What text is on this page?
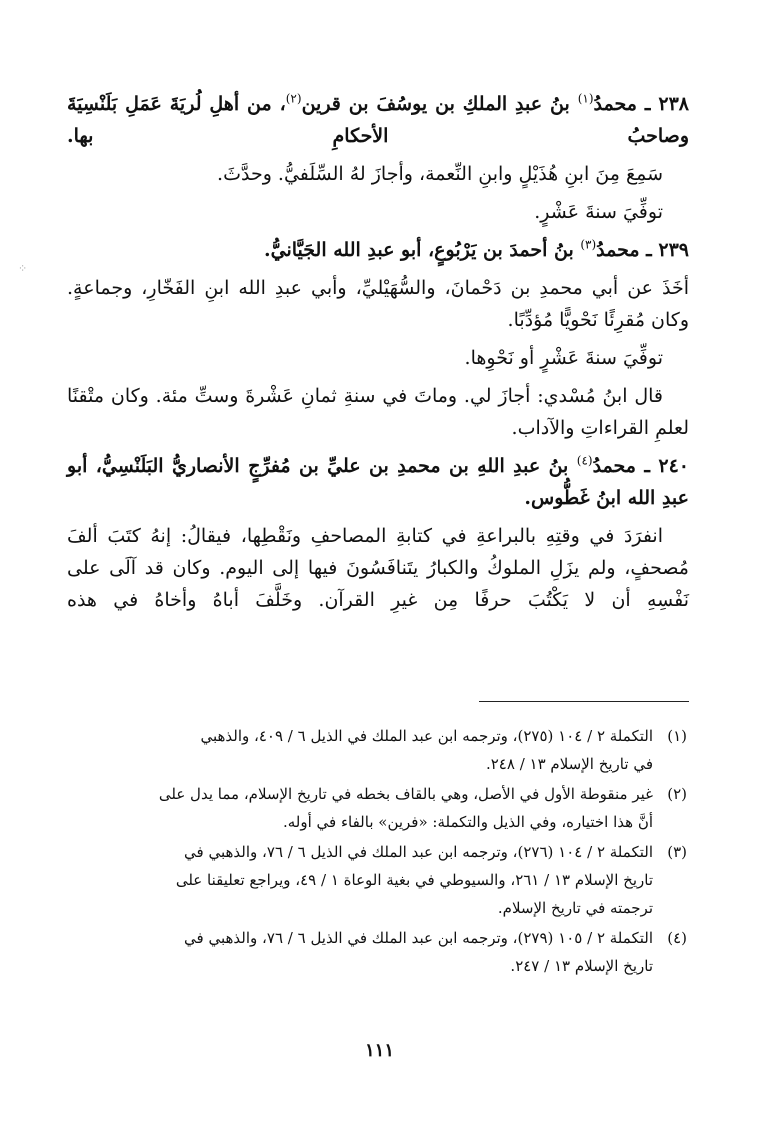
٢٣٨ ـ محمدُ$^{(١)}$ بنُ عبدِ الملكِ بن يوسُفَ بن قرين$^{(٢)}$، من أهلِ لُريَةَ عَمَلِ بَلَنْسِيَةَ وصاحبُ الأحكامِ بها.

سَمِعَ مِنَ ابنِ هُذَيْلٍ وابنِ النِّعمة، وأجازَ لهُ السِّلَفيُّ. وحدَّثَ.

توفِّيَ سنةَ عَشْرٍ.

٢٣٩ ـ محمدُ$^{(٣)}$ بنُ أحمدَ بن يَرْبُوعٍ، أبو عبدِ الله الجَيَّانيُّ.

أخَذَ عن أبي محمدِ بن دَحْمانَ، والسُّهَيْليِّ، وأبي عبدِ الله ابنِ الفَخّارِ، وجماعةٍ. وكان مُقرِئًا نَحْويًّا مُؤدِّبًا.

توفِّيَ سنةَ عَشْرٍ أو نَحْوِها.

قال ابنُ مُسْدي: أجازَ لي. وماتَ في سنةِ ثمانِ عَشْرةَ وستِّ مئة. وكان متْقنًا لعلمِ القراءاتِ والآداب.

٢٤٠ ـ محمدُ$^{(٤)}$ بنُ عبدِ اللهِ بن محمدِ بن عليِّ بن مُفرِّجٍ الأنصاريُّ البَلَنْسِيُّ، أبو عبدِ الله ابنُ غَطُّوس.

انفرَدَ في وقتِهِ بالبراعةِ في كتابةِ المصاحفِ ونَقْطِها، فيقالُ: إنهُ كتَبَ ألفَ مُصحفٍ، ولم يزَلِ الملوكُ والكبارُ يتَنافَسُونَ فيها إلى اليوم. وكان قد آلَى على نَفْسِهِ أن لا يَكْتُبَ حرفًا مِن غيرِ القرآن. وخَلَّفَ أباهُ وأخاهُ في هذه

(١)
التكملة ٢ / ١٠٤ (٢٧٥)، وترجمه ابن عبد الملك في الذيل ٦ / ٤٠٩، والذهبي
في تاريخ الإسلام ١٣ / ٢٤٨.
(٢)
غير منقوطة الأول في الأصل، وهي بالقاف بخطه في تاريخ الإسلام، مما يدل على
أنَّ هذا اختياره، وفي الذيل والتكملة: «فرين» بالفاء في أوله.
(٣)
التكملة ٢ / ١٠٤ (٢٧٦)، وترجمه ابن عبد الملك في الذيل ٦ / ٧٦، والذهبي في
تاريخ الإسلام ١٣ / ٢٦١، والسيوطي في بغية الوعاة ١ / ٤٩، ويراجع تعليقنا على
ترجمته في تاريخ الإسلام.
(٤)
التكملة ٢ / ١٠٥ (٢٧٩)، وترجمه ابن عبد الملك في الذيل ٦ / ٧٦، والذهبي في
تاريخ الإسلام ١٣ / ٢٤٧.
١١١
⁘
